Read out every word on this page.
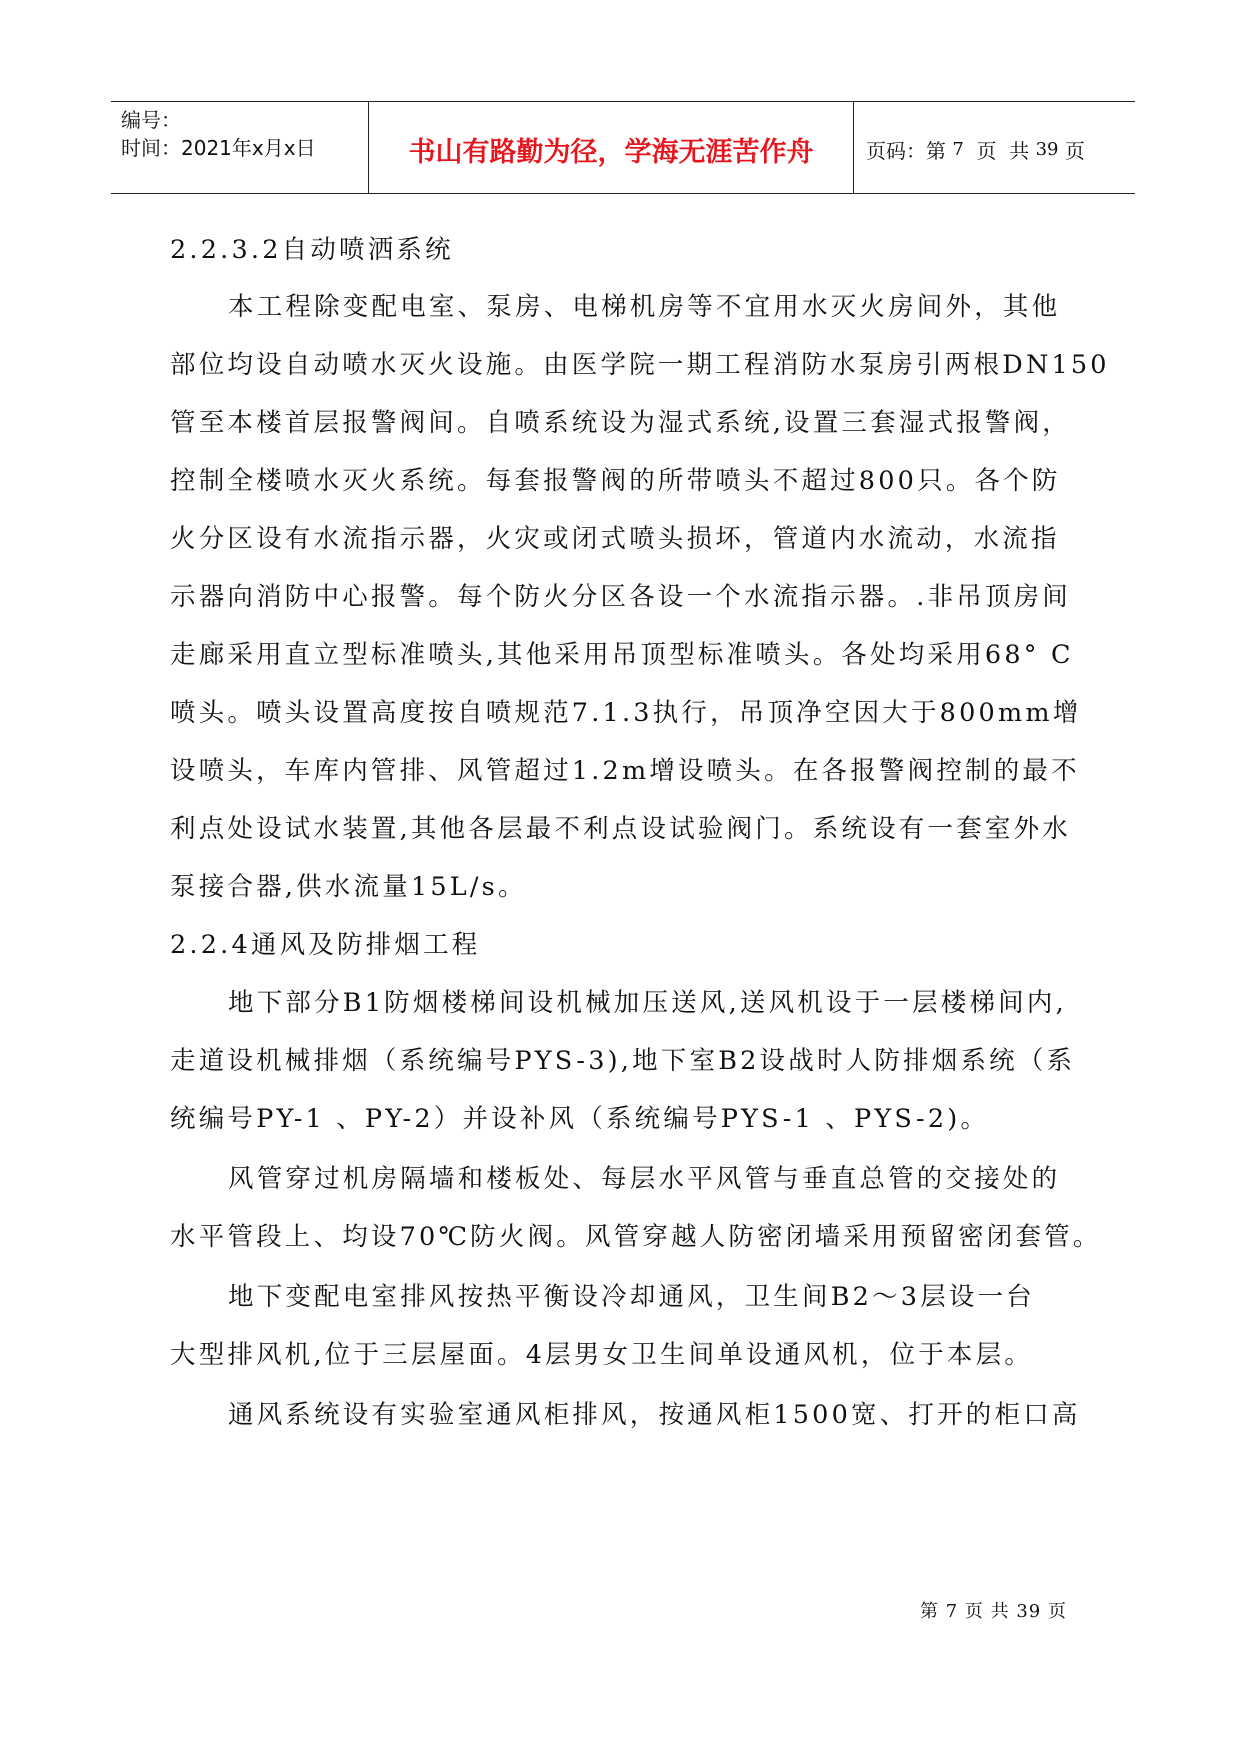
编号：
时间：2021年x月x日	书山有路勤为径，学海无涯苦作舟	页码：第
7
页  共
39
页
2.2.3.2自动喷洒系统
本工程除变配电室、泵房、电梯机房等不宜用水灭火房间外，其他
部位均设自动喷水灭火设施。由医学院一期工程消防水泵房引两根DN150
管至本楼首层报警阀间。自喷系统设为湿式系统,设置三套湿式报警阀，
控制全楼喷水灭火系统。每套报警阀的所带喷头不超过800只。各个防
火分区设有水流指示器，火灾或闭式喷头损坏，管道内水流动，水流指
示器向消防中心报警。每个防火分区各设一个水流指示器。.非吊顶房间
走廊采用直立型标准喷头,其他采用吊顶型标准喷头。各处均采用68° C
喷头。喷头设置高度按自喷规范7.1.3执行，吊顶净空因大于800mm增
设喷头，车库内管排、风管超过1.2m增设喷头。在各报警阀控制的最不
利点处设试水装置,其他各层最不利点设试验阀门。系统设有一套室外水
泵接合器,供水流量15L/s。
2.2.4通风及防排烟工程
地下部分B1防烟楼梯间设机械加压送风,送风机设于一层楼梯间内,
走道设机械排烟（系统编号PYS-3),地下室B2设战时人防排烟系统（系
统编号PY-1 、PY-2）并设补风（系统编号PYS-1 、PYS-2)。
风管穿过机房隔墙和楼板处、每层水平风管与垂直总管的交接处的
水平管段上、均设70℃防火阀。风管穿越人防密闭墙采用预留密闭套管。
地下变配电室排风按热平衡设冷却通风，卫生间B2～3层设一台
大型排风机,位于三层屋面。4层男女卫生间单设通风机，位于本层。
通风系统设有实验室通风柜排风，按通风柜1500宽、打开的柜口高
第 7 页 共 39 页
